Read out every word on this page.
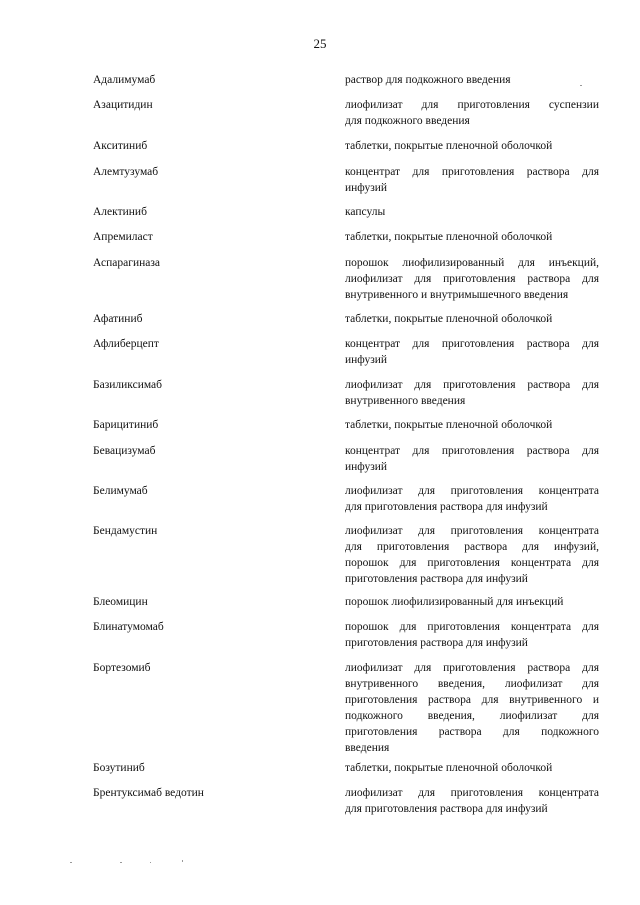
25
Адалимумаб	раствор для подкожного введения
Азацитидин	лиофилизат для приготовления суспензии
для подкожного введения
Акситиниб	таблетки, покрытые пленочной оболочкой
Алемтузумаб	концентрат для приготовления раствора для
инфузий
Алектиниб	капсулы
Апремиласт	таблетки, покрытые пленочной оболочкой
Аспарагиназа	порошок лиофилизированный для инъекций,
лиофилизат для приготовления раствора для
внутривенного и внутримышечного введения
Афатиниб	таблетки, покрытые пленочной оболочкой
Афлиберцепт	концентрат для приготовления раствора для
инфузий
Базиликсимаб	лиофилизат для приготовления раствора для
внутривенного введения
Барицитиниб	таблетки, покрытые пленочной оболочкой
Бевацизумаб	концентрат для приготовления раствора для
инфузий
Белимумаб	лиофилизат для приготовления концентрата
для приготовления раствора для инфузий
Бендамустин	лиофилизат для приготовления концентрата
для приготовления раствора для инфузий,
порошок для приготовления концентрата для
приготовления раствора для инфузий
Блеомицин	порошок лиофилизированный для инъекций
Блинатумомаб	порошок для приготовления концентрата для
приготовления раствора для инфузий
Бортезомиб	лиофилизат для приготовления раствора для
внутривенного введения, лиофилизат для
приготовления раствора для внутривенного и
подкожного введения, лиофилизат для
приготовления раствора для подкожного
введения
Бозутиниб	таблетки, покрытые пленочной оболочкой
Брентуксимаб ведотин	лиофилизат для приготовления концентрата
для приготовления раствора для инфузий
